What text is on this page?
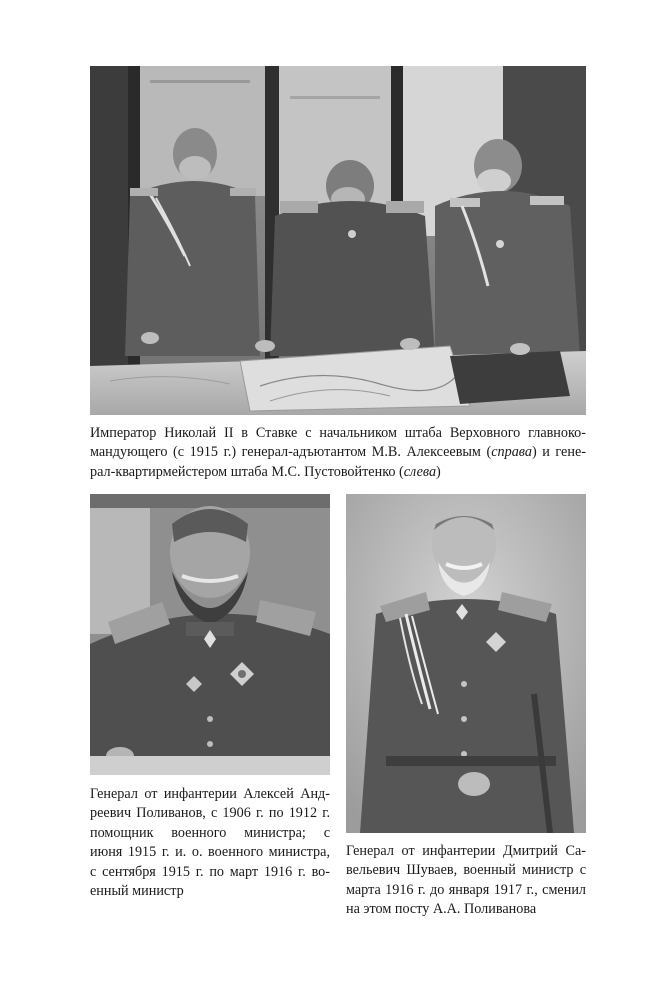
Император Николай II в Ставке с начальником штаба Верховного главноко-
мандующего (с 1915 г.) генерал-адъютантом М.В. Алексеевым (справа) и гене-
рал-квартирмейстером штаба М.С. Пустовойтенко (слева)

Генерал от инфантерии Алексей Анд-
реевич Поливанов, с 1906 г. по 1912 г.
помощник военного министра; с
июня 1915 г. и. о. военного министра,
с сентября 1915 г. по март 1916 г. во-
енный министр

Генерал от инфантерии Дмитрий Са-
вельевич Шуваев, военный министр с
марта 1916 г. до января 1917 г., сменил
на этом посту А.А. Поливанова
